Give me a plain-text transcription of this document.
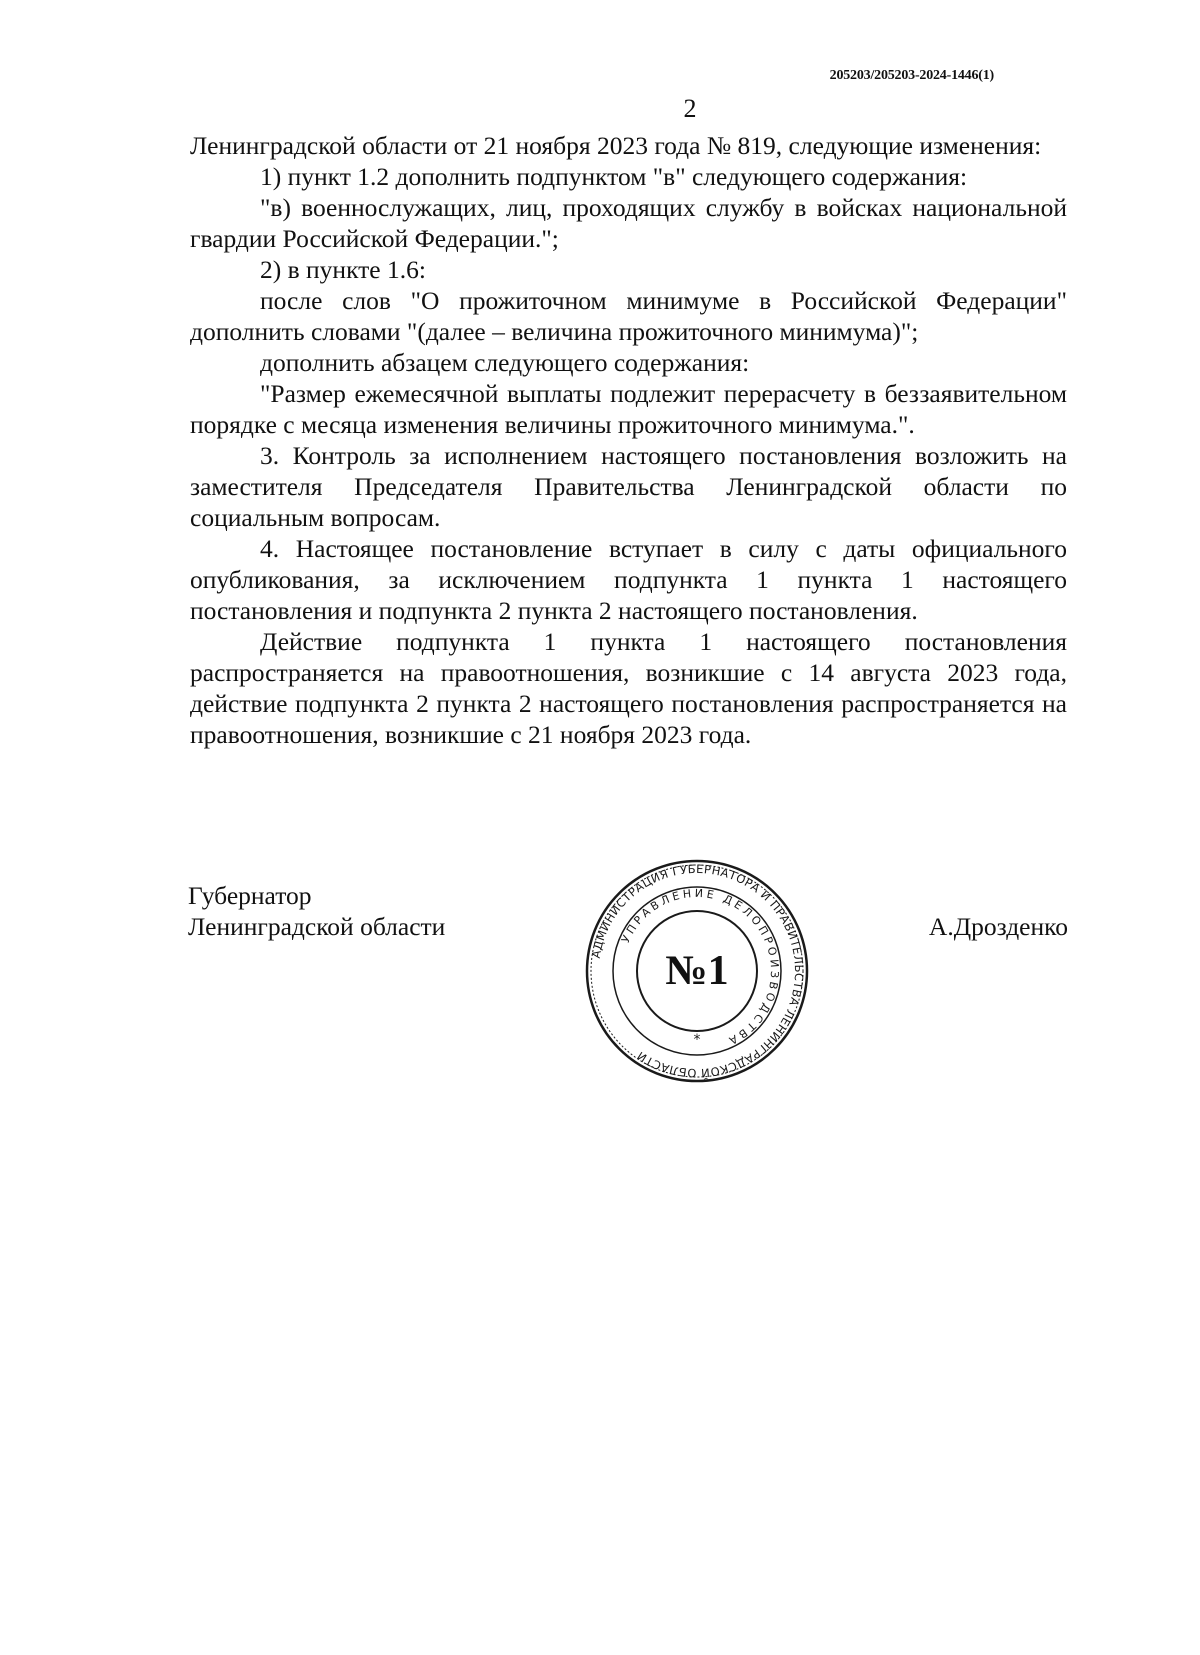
205203/205203-2024-1446(1)
2

Ленинградской области от 21 ноября 2023 года № 819, следующие изменения:

1) пункт 1.2 дополнить подпунктом "в" следующего содержания:

"в) военнослужащих, лиц, проходящих службу в войсках национальной гвардии Российской Федерации.";

2) в пункте 1.6:

после слов "О прожиточном минимуме в Российской Федерации" дополнить словами "(далее – величина прожиточного минимума)";

дополнить абзацем следующего содержания:

"Размер ежемесячной выплаты подлежит перерасчету в беззаявительном порядке с месяца изменения величины прожиточного минимума.".

3. Контроль за исполнением настоящего постановления возложить на заместителя Председателя Правительства Ленинградской области по социальным вопросам.

4. Настоящее постановление вступает в силу с даты официального опубликования, за исключением подпункта 1 пункта 1 настоящего постановления и подпункта 2 пункта 2 настоящего постановления.

Действие подпункта 1 пункта 1 настоящего постановления распространяется на правоотношения, возникшие с 14 августа 2023 года, действие подпункта 2 пункта 2 настоящего постановления распространяется на правоотношения, возникшие с 21 ноября 2023 года.

Губернатор
Ленинградской области	А.Дрозденко
АДМИНИСТРАЦИЯ ГУБЕРНАТОРА И ПРАВИТЕЛЬСТВА ЛЕНИНГРАДСКОЙ ОБЛАСТИ
УПРАВЛЕНИЕ ДЕЛОПРОИЗВОДСТВА
№1
*
